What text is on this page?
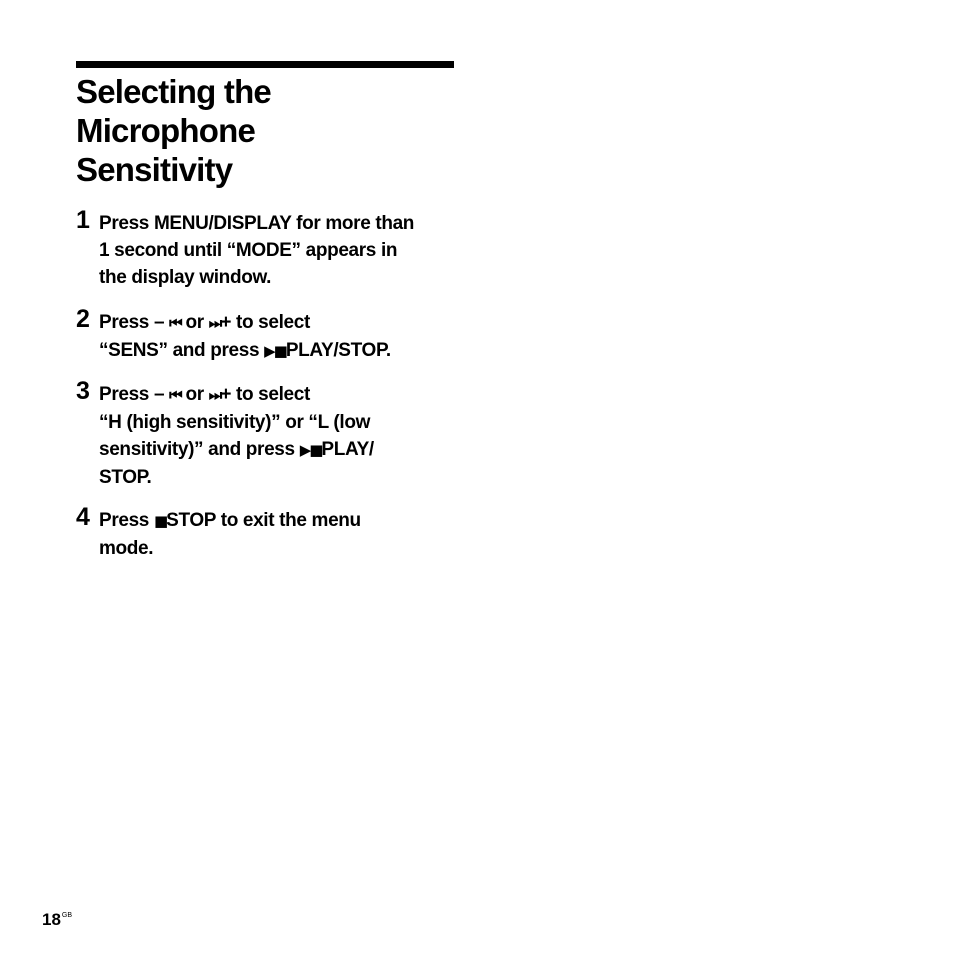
Selecting the
Microphone
Sensitivity
1 Press MENU/DISPLAY for more than
1 second until “MODE” appears in
the display window.
2 Press – ⏮ or ⏭+ to select
“SENS” and press ▶■PLAY/STOP.
3 Press – ⏮ or ⏭+ to select
“H (high sensitivity)” or “L (low
sensitivity)” and press ▶■PLAY/
STOP.
4 Press ■STOP to exit the menu
mode.
$18^{GB}$
